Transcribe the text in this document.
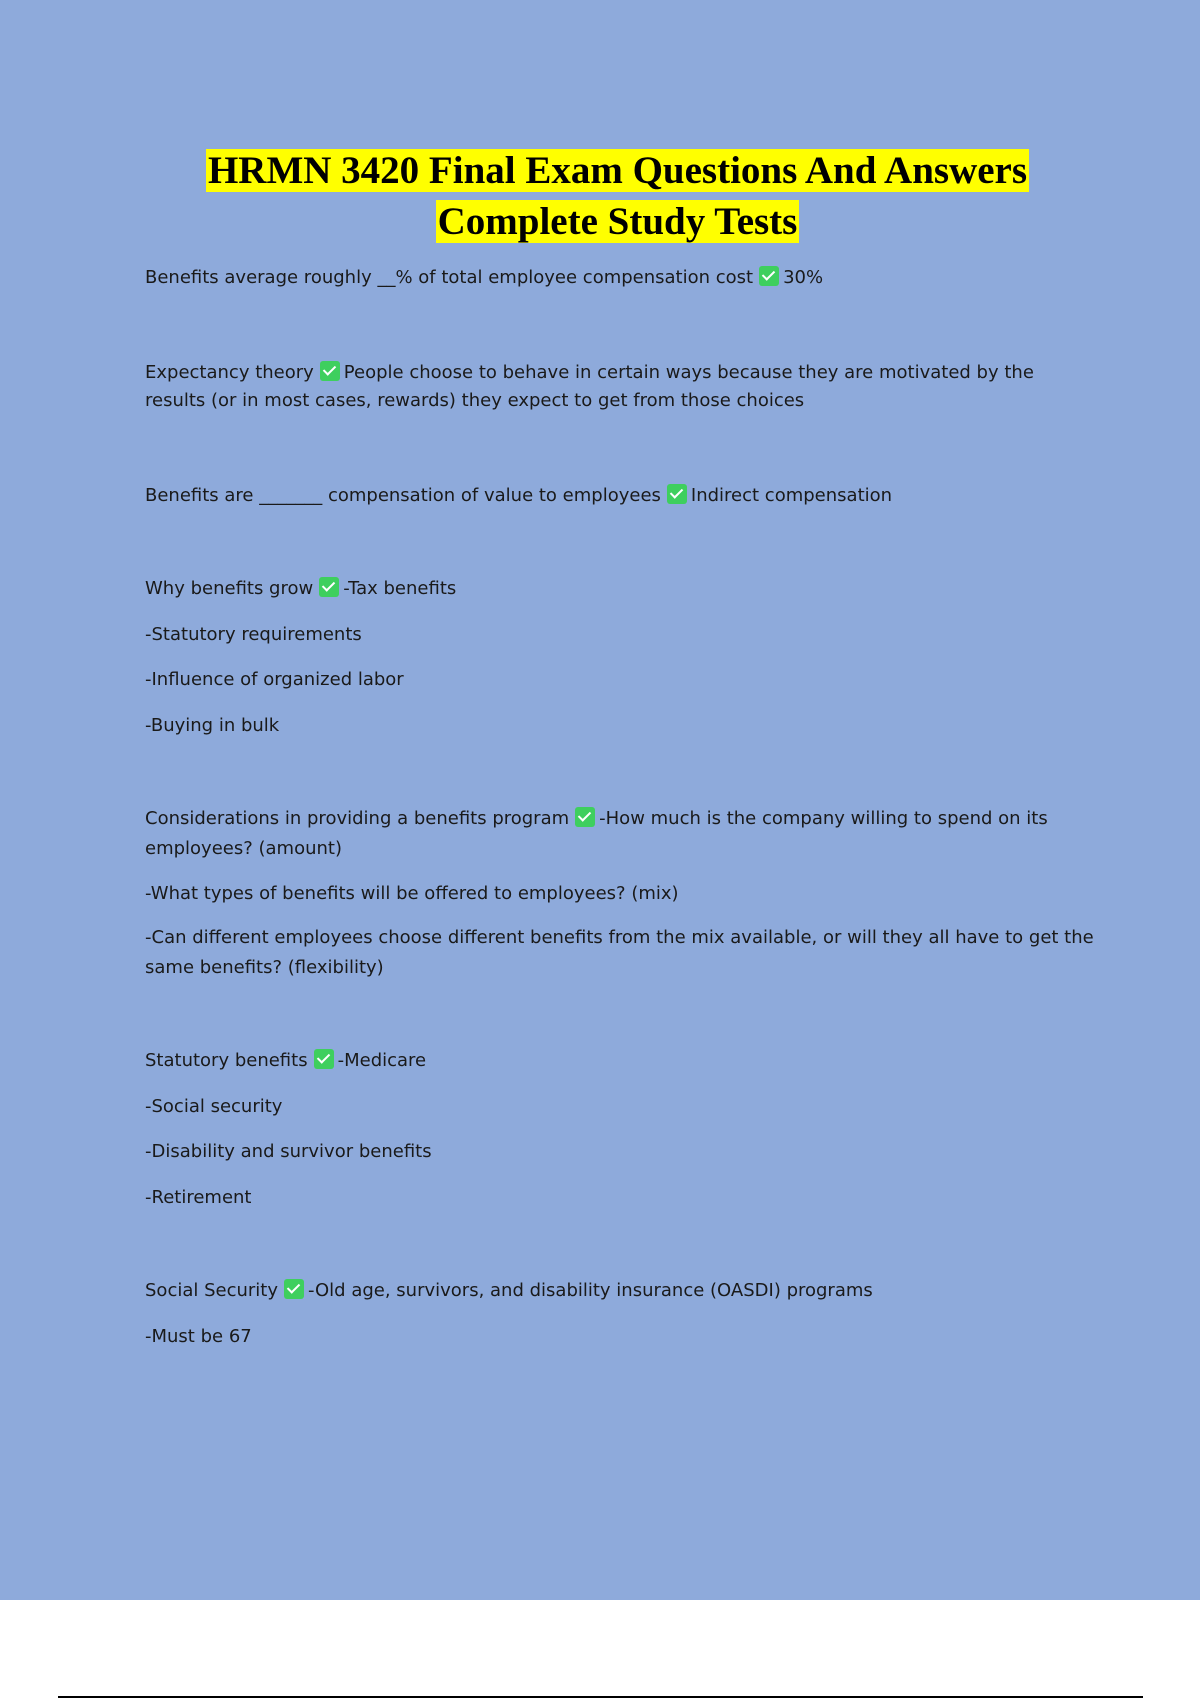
HRMN 3420 Final Exam Questions And Answers
Complete Study Tests
Benefits average roughly __% of total employee compensation cost 30%
Expectancy theory People choose to behave in certain ways because they are motivated by the
results (or in most cases, rewards) they expect to get from those choices
Benefits are _______ compensation of value to employees Indirect compensation
Why benefits grow -Tax benefits
-Statutory requirements
-Influence of organized labor
-Buying in bulk
Considerations in providing a benefits program -How much is the company willing to spend on its
employees? (amount)
-What types of benefits will be offered to employees? (mix)
-Can different employees choose different benefits from the mix available, or will they all have to get the
same benefits? (flexibility)
Statutory benefits -Medicare
-Social security
-Disability and survivor benefits
-Retirement
Social Security -Old age, survivors, and disability insurance (OASDI) programs
-Must be 67
